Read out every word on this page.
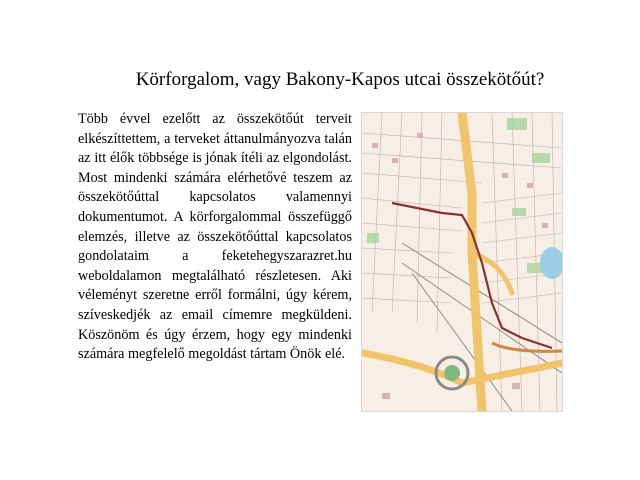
Körforgalom, vagy Bakony-Kapos utcai összekötőút?

Több évvel ezelőtt az összekötőút terveit elkészíttettem, a terveket áttanulmányozva talán az itt élők többsége is jónak ítéli az elgondolást. Most mindenki számára elérhetővé teszem az összekötőúttal kapcsolatos valamennyi dokumentumot. A körforgalommal összefüggő elemzés, illetve az összekötőúttal kapcsolatos gondolataim a feketehegyszarazret.hu weboldalamon megtalálható részletesen. Aki véleményt szeretne erről formálni, úgy kérem, szíveskedjék az email címemre megküldeni. Köszönöm és úgy érzem, hogy egy mindenki számára megfelelő megoldást tártam Önök elé.
